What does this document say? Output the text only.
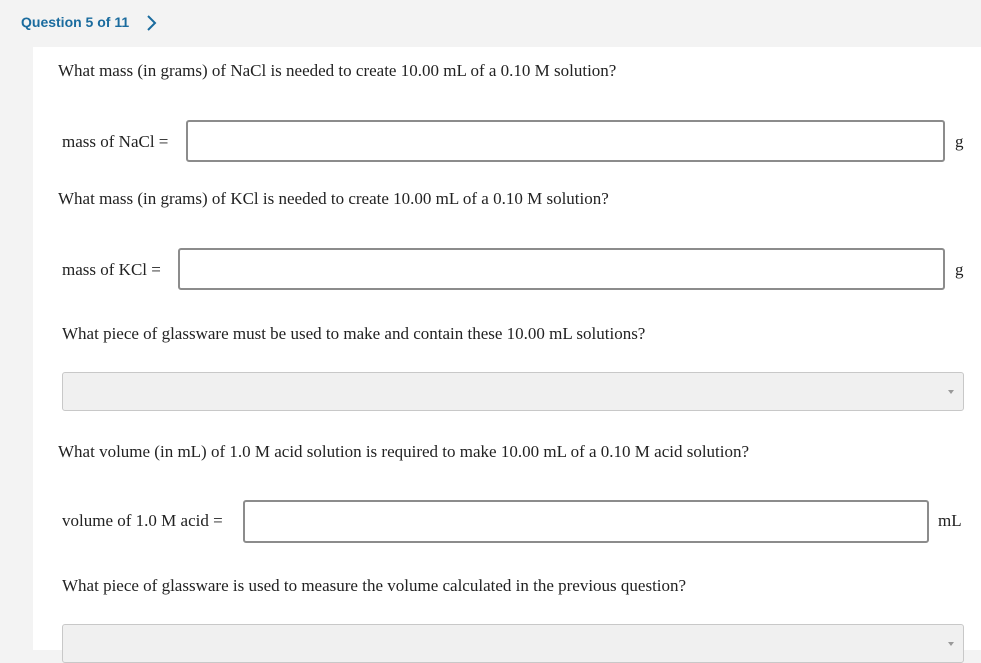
Question 5 of 11
What mass (in grams) of NaCl is needed to create 10.00 mL of a 0.10 M solution?
mass of NaCl =	g
What mass (in grams) of KCl is needed to create 10.00 mL of a 0.10 M solution?
mass of KCl =	g
What piece of glassware must be used to make and contain these 10.00 mL solutions?
What volume (in mL) of 1.0 M acid solution is required to make 10.00 mL of a 0.10 M acid solution?
volume of 1.0 M acid =	mL
What piece of glassware is used to measure the volume calculated in the previous question?
